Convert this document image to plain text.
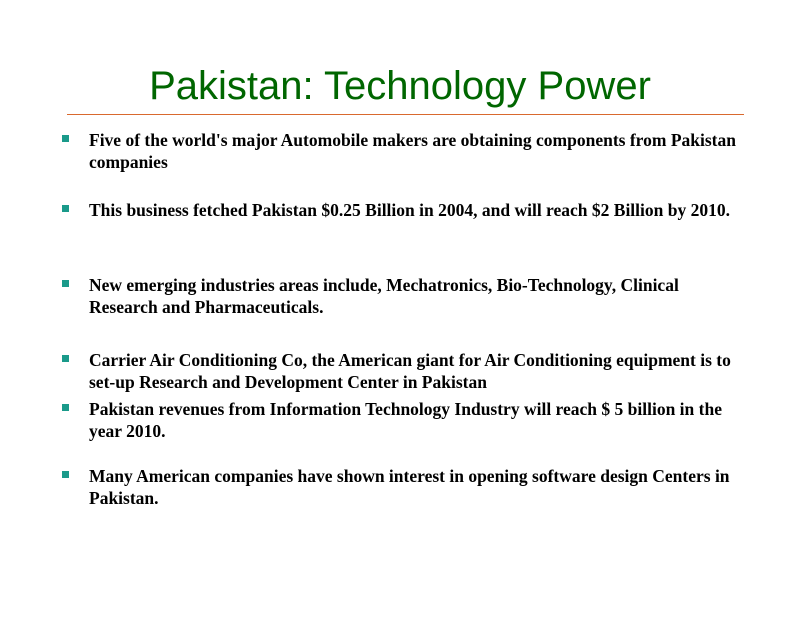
Pakistan: Technology Power
Five of the world's major Automobile makers are obtaining components from Pakistan companies
This business fetched Pakistan $0.25 Billion in 2004, and will reach $2 Billion by 2010.
New emerging industries areas include, Mechatronics, Bio-Technology, Clinical Research and Pharmaceuticals.
Carrier Air Conditioning Co, the American giant for Air Conditioning equipment is to set-up Research and Development Center in Pakistan
Pakistan revenues from Information Technology Industry will reach $ 5 billion in the year 2010.
Many American companies have shown interest in opening software design Centers in Pakistan.
